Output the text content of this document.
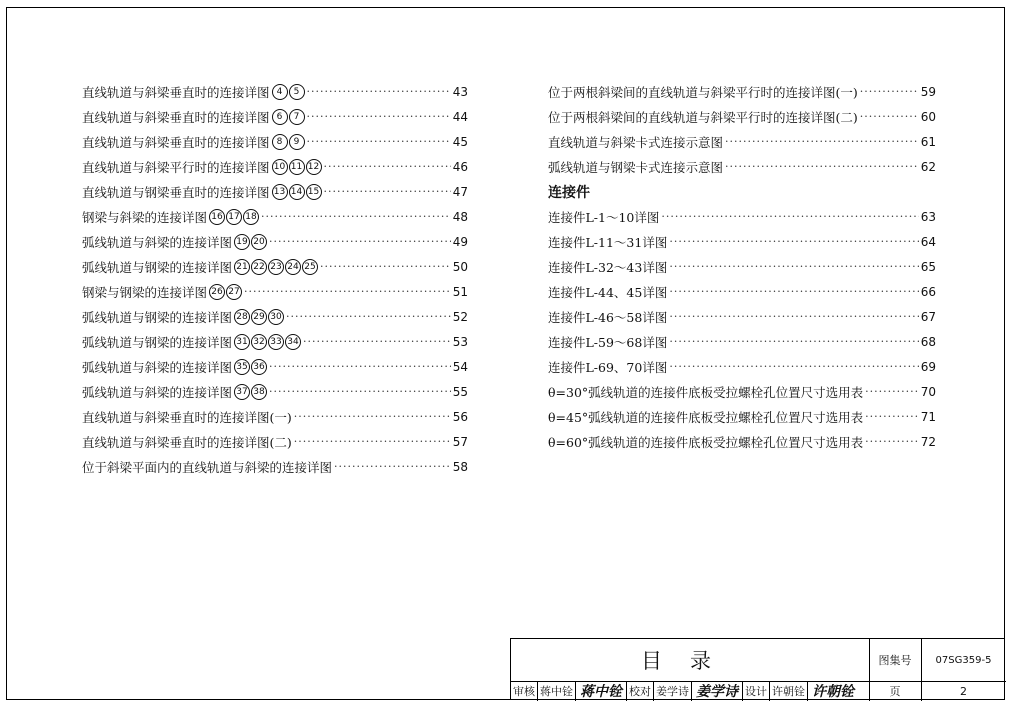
直线轨道与斜梁垂直时的连接详图 4	5 ·····	43
直线轨道与斜梁垂直时的连接详图 6	7 ·····	44
直线轨道与斜梁垂直时的连接详图 8	9 ·····	45
直线轨道与斜梁平行时的连接详图 10 11 12 ·····	46
直线轨道与钢梁垂直时的连接详图 13 14 15 ·····	47
钢梁与斜梁的连接详图 16 17 18 ·····	48
弧线轨道与斜梁的连接详图 19 20 ·····	49
弧线轨道与钢梁的连接详图 21 22 23 24 25 ·····	50
钢梁与钢梁的连接详图 26 27 ·····	51
弧线轨道与钢梁的连接详图 28 29 30 ·····	52
弧线轨道与钢梁的连接详图 31 32 33 34 ·····	53
弧线轨道与斜梁的连接详图 35 36 ·····	54
弧线轨道与斜梁的连接详图 37 38 ·····	55
直线轨道与斜梁垂直时的连接详图(一) ·····	56
直线轨道与斜梁垂直时的连接详图(二) ·····	57
位于斜梁平面内的直线轨道与斜梁的连接详图 ·····	58
位于两根斜梁间的直线轨道与斜梁平行时的连接详图(一) ·····	59
位于两根斜梁间的直线轨道与斜梁平行时的连接详图(二) ·····	60
直线轨道与斜梁卡式连接示意图 ·····	61
弧线轨道与钢梁卡式连接示意图 ·····	62
连接件
连接件L-1～10详图 ·····	63
连接件L-11～31详图 ·····	64
连接件L-32～43详图 ·····	65
连接件L-44、45详图 ·····	66
连接件L-46～58详图 ·····	67
连接件L-59～68详图 ·····	68
连接件L-69、70详图 ·····	69
θ=30°弧线轨道的连接件底板受拉螺栓孔位置尺寸选用表 ·····	70
θ=45°弧线轨道的连接件底板受拉螺栓孔位置尺寸选用表 ·····	71
θ=60°弧线轨道的连接件底板受拉螺栓孔位置尺寸选用表 ·····	72
目录	图集号	07SG359-5
审核 蒋中铨 蒋中铨 校对 姜学诗 姜学诗 设计 许朝铨 许朝铨	页	2
